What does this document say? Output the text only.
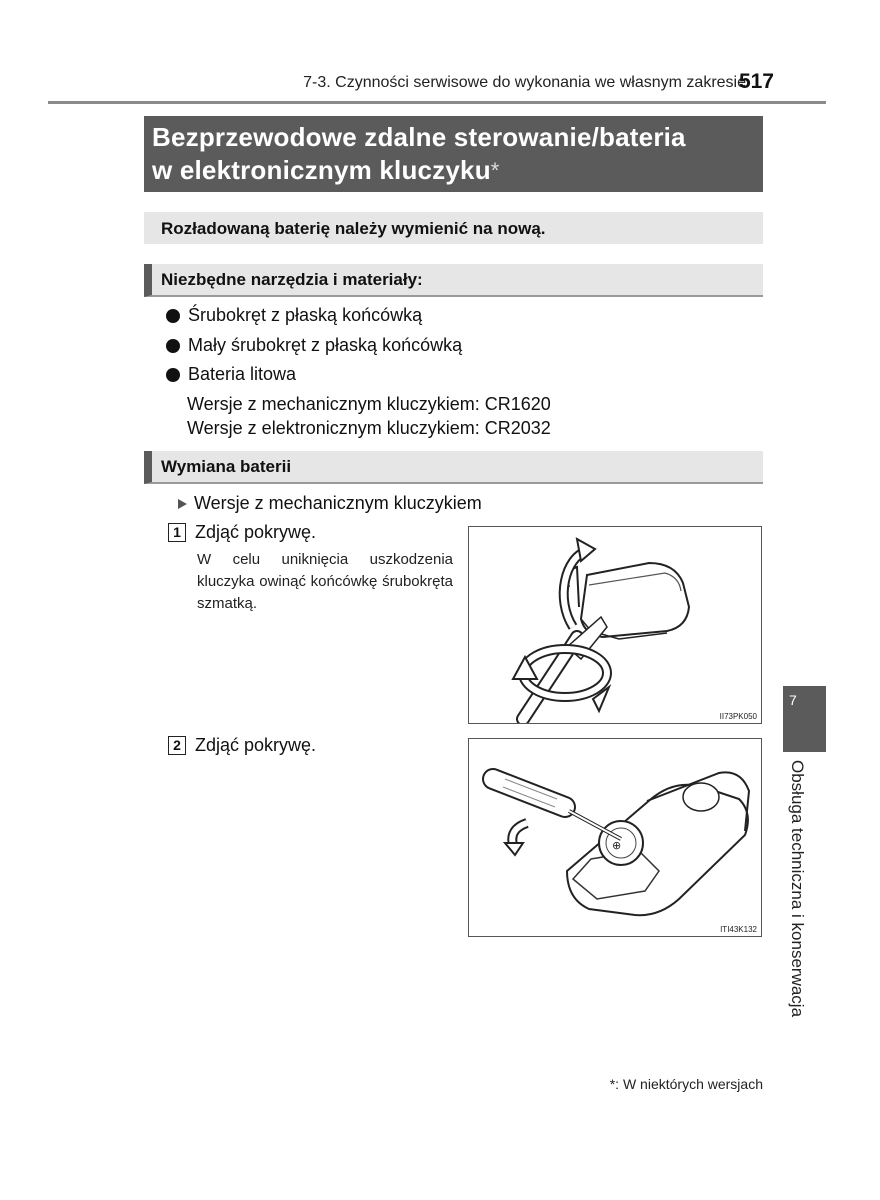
7-3. Czynności serwisowe do wykonania we własnym zakresie
517
Bezprzewodowe zdalne sterowanie/bateria
w elektronicznym kluczyku*
Rozładowaną baterię należy wymienić na nową.
Niezbędne narzędzia i materiały:
Śrubokręt z płaską końcówką
Mały śrubokręt z płaską końcówką
Bateria litowa
Wersje z mechanicznym kluczykiem: CR1620
Wersje z elektronicznym kluczykiem: CR2032
Wymiana baterii
Wersje z mechanicznym kluczykiem
1 Zdjąć pokrywę.
W celu uniknięcia uszkodzenia kluczyka owinąć końcówkę śrubokręta szmatką.
II73PK050
2 Zdjąć pokrywę.
⊕
ITI43K132
7
Obsługa techniczna i konserwacja
*: W niektórych wersjach
